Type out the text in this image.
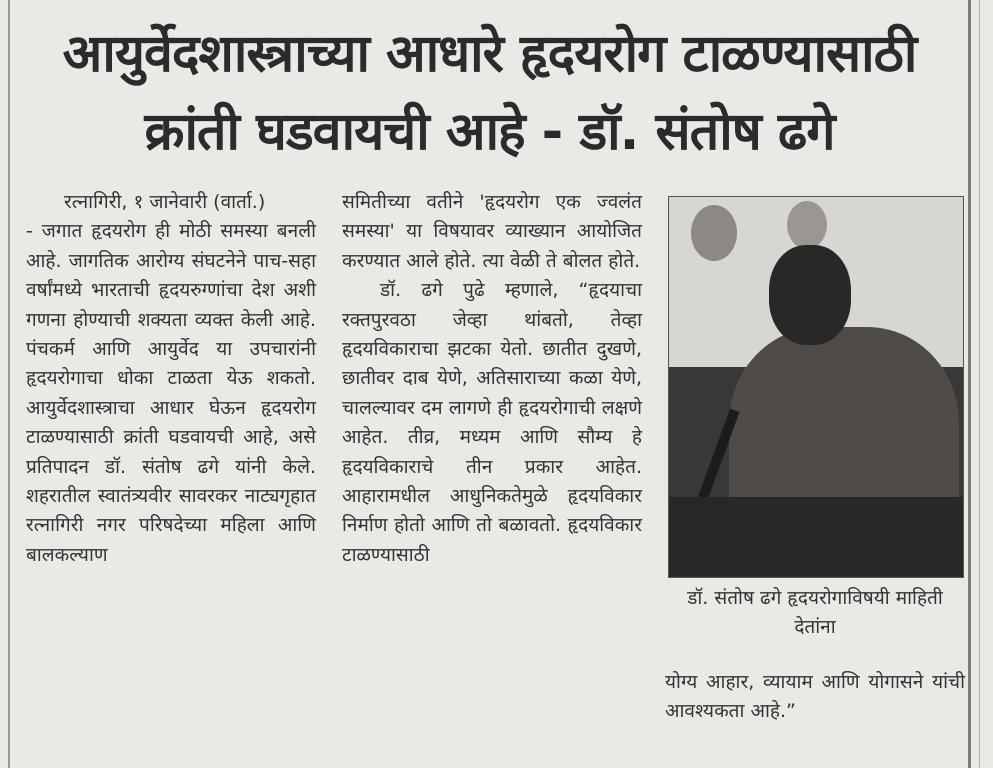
आयुर्वेदशास्त्राच्या आधारे हृदयरोग टाळण्यासाठी
क्रांती घडवायची आहे - डॉ. संतोष ढगे

रत्नागिरी, १ जानेवारी (वार्ता.)

- जगात हृदयरोग ही मोठी समस्या बनली आहे. जागतिक आरोग्य संघटनेने पाच-सहा वर्षांमध्ये भारताची हृदयरुग्णांचा देश अशी गणना होण्याची शक्यता व्यक्त केली आहे. पंचकर्म आणि आयुर्वेद या उपचारांनी हृदयरोगाचा धोका टाळता येऊ शकतो. आयुर्वेदशास्त्राचा आधार घेऊन हृदयरोग टाळण्यासाठी क्रांती घडवायची आहे, असे प्रतिपादन डॉ. संतोष ढगे यांनी केले. शहरातील स्वातंत्र्यवीर सावरकर नाट्यगृहात रत्नागिरी नगर परिषदेच्या महिला आणि बालकल्याण

समितीच्या वतीने 'हृदयरोग एक ज्वलंत समस्या' या विषयावर व्याख्यान आयोजित करण्यात आले होते. त्या वेळी ते बोलत होते.

डॉ. ढगे पुढे म्हणाले, “हृदयाचा रक्तपुरवठा जेव्हा थांबतो, तेव्हा हृदयविकाराचा झटका येतो. छातीत दुखणे, छातीवर दाब येणे, अतिसाराच्या कळा येणे, चालल्यावर दम लागणे ही हृदयरोगाची लक्षणे आहेत. तीव्र, मध्यम आणि सौम्य हे हृदयविकाराचे तीन प्रकार आहेत. आहारामधील आधुनिकतेमुळे हृदयविकार निर्माण होतो आणि तो बळावतो. हृदयविकार टाळण्यासाठी

डॉ. संतोष ढगे हृदयरोगाविषयी माहिती देतांना

योग्य आहार, व्यायाम आणि योगासने यांची आवश्यकता आहे.”
